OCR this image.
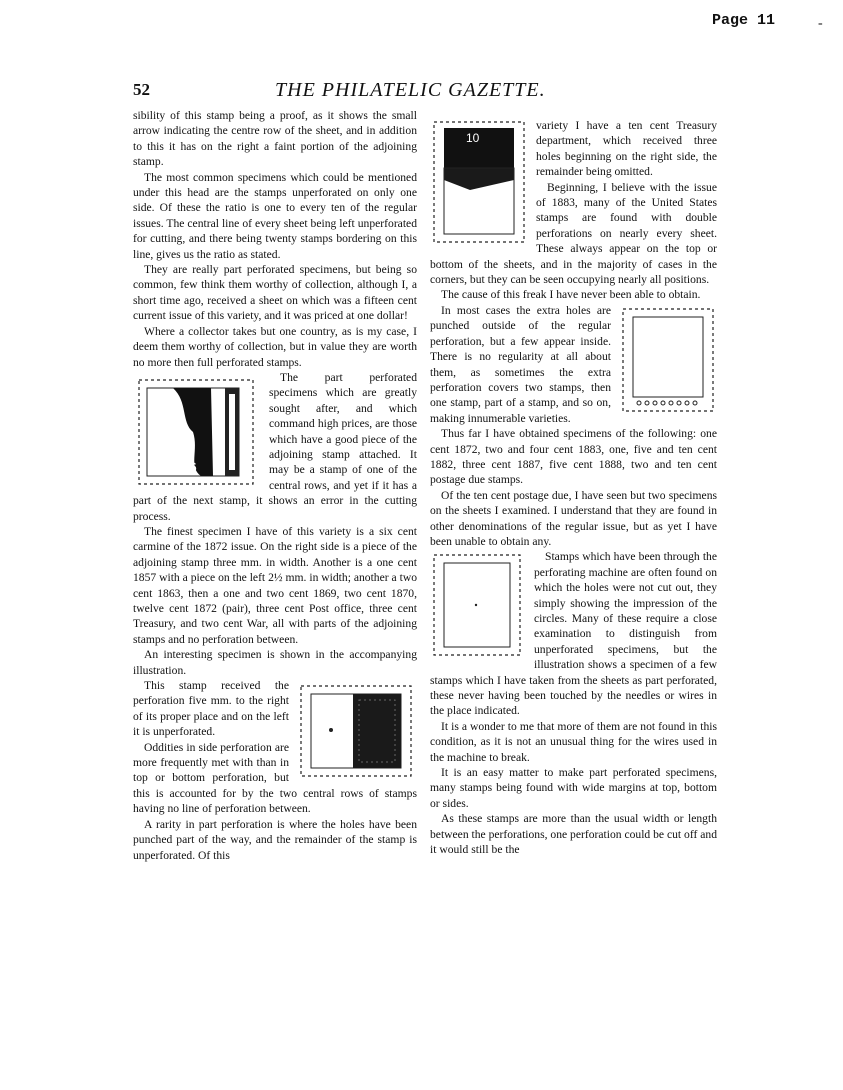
Page 11	-
52	THE PHILATELIC GAZETTE.

sibility of this stamp being a proof, as it shows the small arrow indicating the centre row of the sheet, and in addition to this it has on the right a faint portion of the adjoining stamp.

The most common specimens which could be mentioned under this head are the stamps unperforated on only one side. Of these the ratio is one to every ten of the regular issues. The central line of every sheet being left unperforated for cutting, and there being twenty stamps bordering on this line, gives us the ratio as stated.

They are really part perforated specimens, but being so common, few think them worthy of collection, although I, a short time ago, received a sheet on which was a fifteen cent current issue of this variety, and it was priced at one dollar!

Where a collector takes but one country, as is my case, I deem them worthy of collection, but in value they are worth no more then full perforated stamps.

6

The part perforated specimens which are greatly sought after, and which command high prices, are those which have a good piece of the adjoining stamp attached. It may be a stamp of one of the central rows, and yet if it has a part of the next stamp, it shows an error in the cutting process.

The finest specimen I have of this variety is a six cent carmine of the 1872 issue. On the right side is a piece of the adjoining stamp three mm. in width. Another is a one cent 1857 with a piece on the left 2½ mm. in width; another a two cent 1863, then a one and two cent 1869, two cent 1870, twelve cent 1872 (pair), three cent Post office, three cent Treasury, and two cent War, all with parts of the adjoining stamps and no perforation between.

An interesting specimen is shown in the accompanying illustration.

This stamp received the perforation five mm. to the right of its proper place and on the left it is unperforated.

Oddities in side perforation are more frequently met with than in top or bottom perforation, but this is accounted for by the two central rows of stamps having no line of perforation between.

A rarity in part perforation is where the holes have been punched part of the way, and the remainder of the stamp is unperforated. Of this

10

variety I have a ten cent Treasury department, which received three holes beginning on the right side, the remainder being omitted.

Beginning, I believe with the issue of 1883, many of the United States stamps are found with double perforations on nearly every sheet. These always appear on the top or bottom of the sheets, and in the majority of cases in the corners, but they can be seen occupying nearly all positions.

The cause of this freak I have never been able to obtain.

In most cases the extra holes are punched outside of the regular perforation, but a few appear inside. There is no regularity at all about them, as sometimes the extra perforation covers two stamps, then one stamp, part of a stamp, and so on, making innumerable varieties.

Thus far I have obtained specimens of the following: one cent 1872, two and four cent 1883, one, five and ten cent 1882, three cent 1887, five cent 1888, two and ten cent postage due stamps.

Of the ten cent postage due, I have seen but two specimens on the sheets I examined. I understand that they are found in other denominations of the regular issue, but as yet I have been unable to obtain any.

Stamps which have been through the perforating machine are often found on which the holes were not cut out, they simply showing the impression of the circles. Many of these require a close examination to distinguish from unperforated specimens, but the illustration shows a specimen of a few stamps which I have taken from the sheets as part perforated, these never having been touched by the needles or wires in the place indicated.

It is a wonder to me that more of them are not found in this condition, as it is not an unusual thing for the wires used in the machine to break.

It is an easy matter to make part perforated specimens, many stamps being found with wide margins at top, bottom or sides.

As these stamps are more than the usual width or length between the perforations, one perforation could be cut off and it would still be the
